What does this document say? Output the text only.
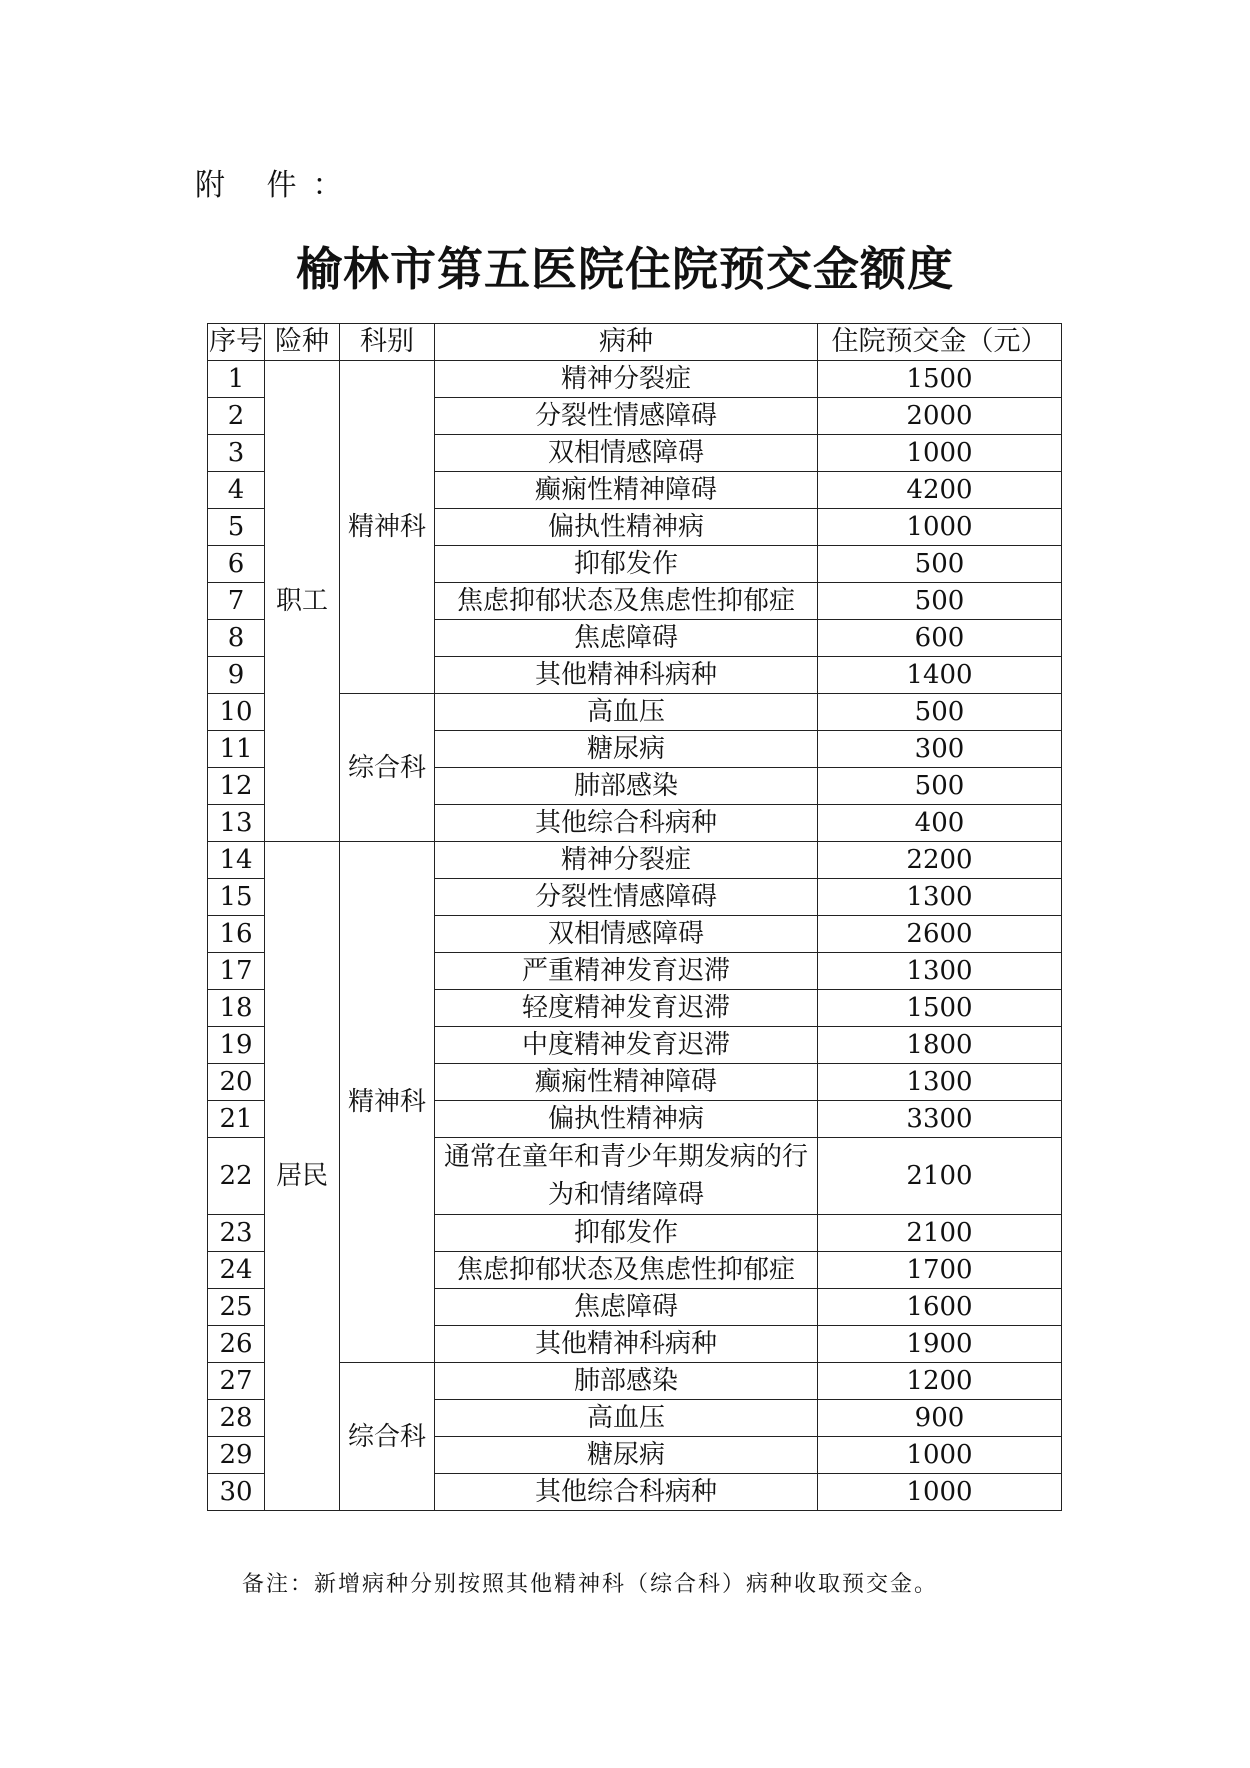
附 件：
榆林市第五医院住院预交金额度
序号	险种	科别	病种	住院预交金（元）
1	职工	精神科	精神分裂症	1500
2			分裂性情感障碍	2000
3			双相情感障碍	1000
4			癫痫性精神障碍	4200
5			偏执性精神病	1000
6			抑郁发作	500
7			焦虑抑郁状态及焦虑性抑郁症	500
8			焦虑障碍	600
9			其他精神科病种	1400
10		综合科	高血压	500
11			糖尿病	300
12			肺部感染	500
13			其他综合科病种	400
14	居民	精神科	精神分裂症	2200
15			分裂性情感障碍	1300
16			双相情感障碍	2600
17			严重精神发育迟滞	1300
18			轻度精神发育迟滞	1500
19			中度精神发育迟滞	1800
20			癫痫性精神障碍	1300
21			偏执性精神病	3300
22			通常在童年和青少年期发病的行为和情绪障碍	2100
23			抑郁发作	2100
24			焦虑抑郁状态及焦虑性抑郁症	1700
25			焦虑障碍	1600
26			其他精神科病种	1900
27		综合科	肺部感染	1200
28			高血压	900
29			糖尿病	1000
30			其他综合科病种	1000
备注：新增病种分别按照其他精神科（综合科）病种收取预交金。
